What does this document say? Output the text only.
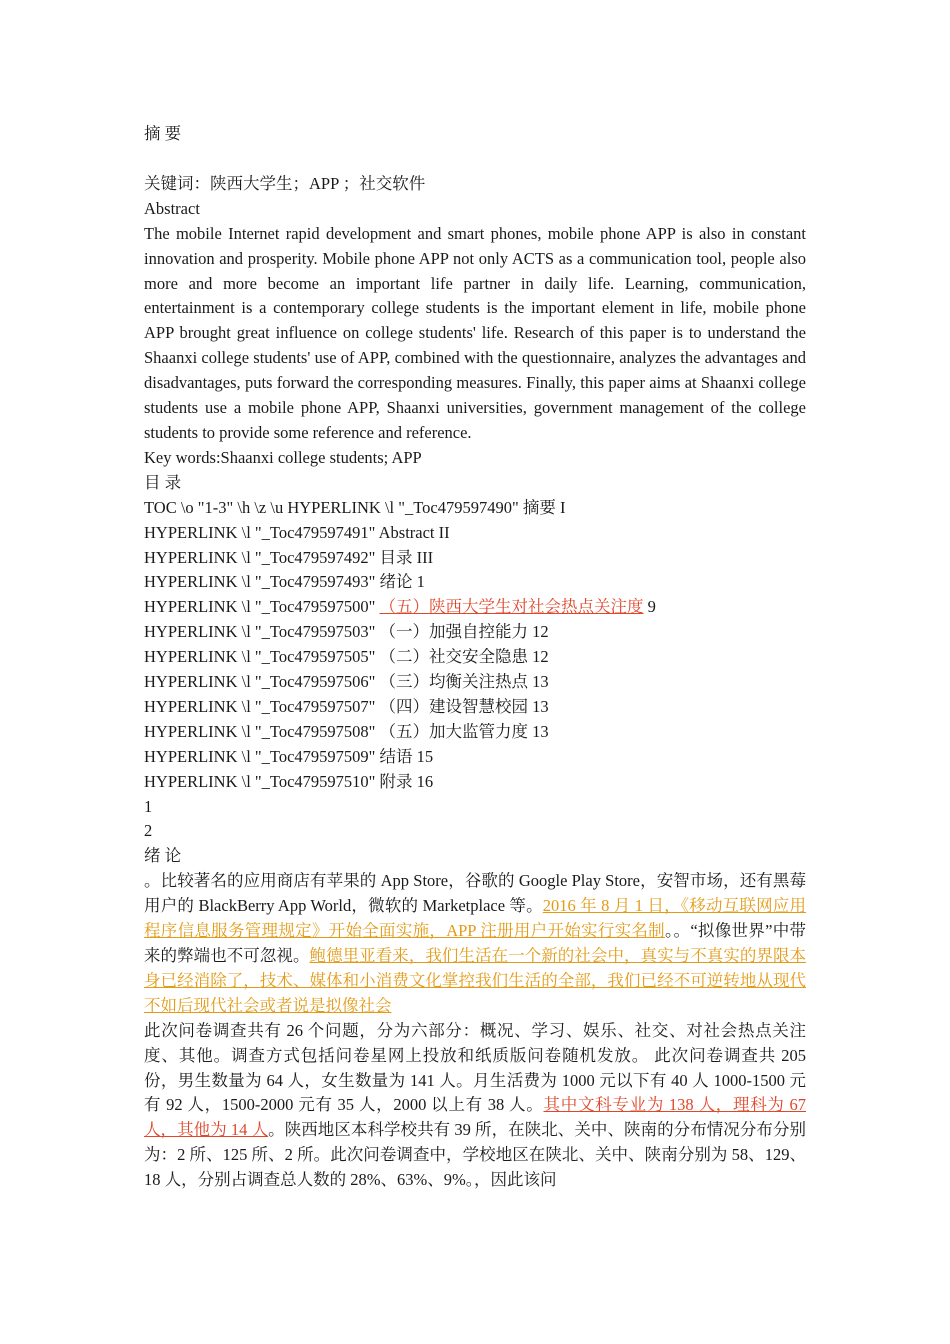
摘 要
关键词：陕西大学生；APP ；社交软件
Abstract
The mobile Internet rapid development and smart phones, mobile phone APP is also in constant innovation and prosperity. Mobile phone APP not only ACTS as a communication tool, people also more and more become an important life partner in daily life. Learning, communication, entertainment is a contemporary college students is the important element in life, mobile phone APP brought great influence on college students' life. Research of this paper is to understand the Shaanxi college students' use of APP, combined with the questionnaire, analyzes the advantages and disadvantages, puts forward the corresponding measures. Finally, this paper aims at Shaanxi college students use a mobile phone APP, Shaanxi universities, government management of the college students to provide some reference and reference.
Key words:Shaanxi college students; APP
目 录
TOC \o "1-3" \h \z \u HYPERLINK \l "_Toc479597490" 摘要 I
HYPERLINK \l "_Toc479597491" Abstract II
HYPERLINK \l "_Toc479597492" 目录 III
HYPERLINK \l "_Toc479597493" 绪论 1
HYPERLINK \l "_Toc479597500" （五）陕西大学生对社会热点关注度 9
HYPERLINK \l "_Toc479597503" （一）加强自控能力 12
HYPERLINK \l "_Toc479597505" （二）社交安全隐患 12
HYPERLINK \l "_Toc479597506" （三）均衡关注热点 13
HYPERLINK \l "_Toc479597507" （四）建设智慧校园 13
HYPERLINK \l "_Toc479597508" （五）加大监管力度 13
HYPERLINK \l "_Toc479597509" 结语 15
HYPERLINK \l "_Toc479597510" 附录 16
1
2
绪 论
。比较著名的应用商店有苹果的 App Store，谷歌的 Google Play Store，安智市场，还有黑莓用户的 BlackBerry App World，微软的 Marketplace 等。2016 年 8 月 1 日，《移动互联网应用程序信息服务管理规定》开始全面实施，APP 注册用户开始实行实名制。。“拟像世界”中带来的弊端也不可忽视。鲍德里亚看来，我们生活在一个新的社会中，真实与不真实的界限本身已经消除了，技术、媒体和小消费文化掌控我们生活的全部，我们已经不可逆转地从现代不如后现代社会或者说是拟像社会
此次问卷调查共有 26 个问题，分为六部分：概况、学习、娱乐、社交、对社会热点关注度、其他。调查方式包括问卷星网上投放和纸质版问卷随机发放。 此次问卷调查共 205 份，男生数量为 64 人，女生数量为 141 人。月生活费为 1000 元以下有 40 人 1000-1500 元有 92 人，1500-2000 元有 35 人，2000 以上有 38 人。其中文科专业为 138 人，理科为 67 人，其他为 14 人。陕西地区本科学校共有 39 所，在陕北、关中、陕南的分布情况分布分别为：2 所、125 所、2 所。此次问卷调查中，学校地区在陕北、关中、陕南分别为 58、129、18 人，分别占调查总人数的 28%、63%、9%。，因此该问
